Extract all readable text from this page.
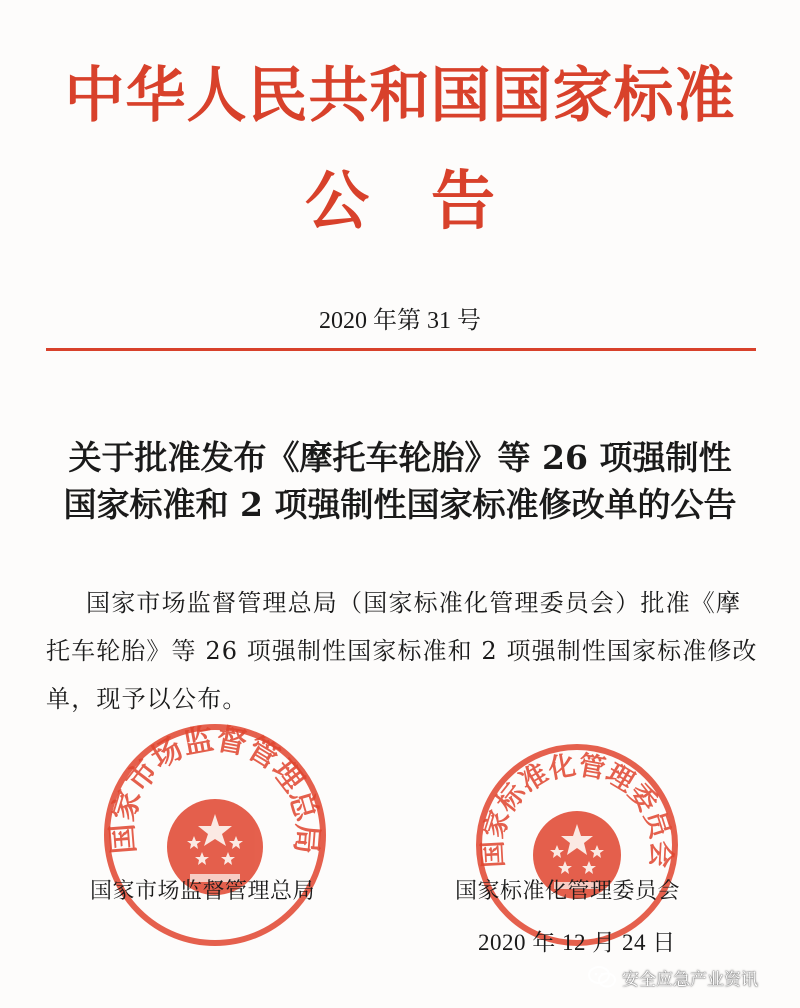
中华人民共和国国家标准
公告
2020 年第 31 号
关于批准发布《摩托车轮胎》等 26 项强制性
国家标准和 2 项强制性国家标准修改单的公告
国家市场监督管理总局（国家标准化管理委员会）批准《摩
托车轮胎》等 26 项强制性国家标准和 2 项强制性国家标准修改
单，现予以公布。
国家市场监督管理总局	国家标准化管理委员会
国家市场监督管理总局	国家标准化管理委员会
2020 年 12 月 24 日
安全应急产业资讯
